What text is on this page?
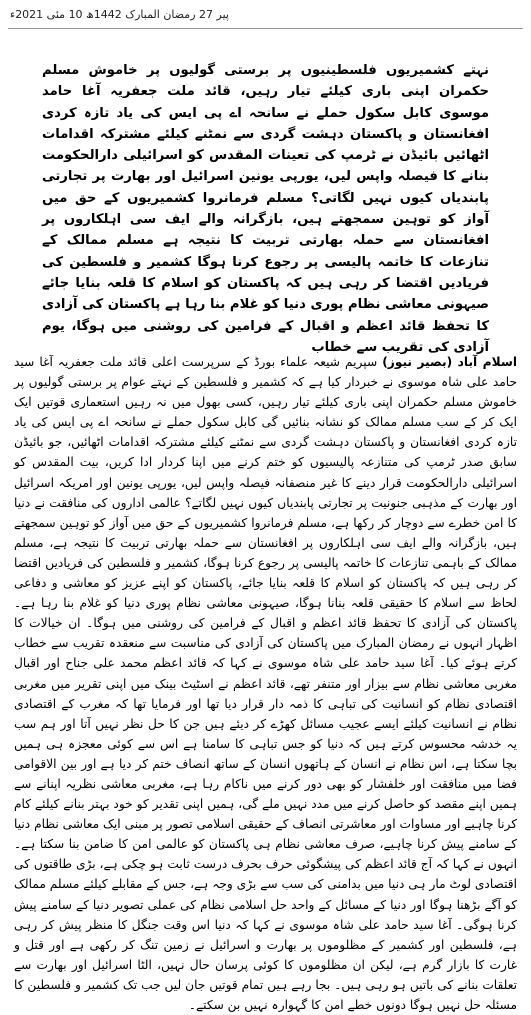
پیر 27 رمضان المبارک 1442ھ 10 مئی 2021ء

نہتے کشمیریوں فلسطینیوں پر برستی گولیوں پر خاموش مسلم حکمران اپنی باری کیلئے تیار رہیں، قائد ملت جعفریہ آغا حامد موسوی کابل سکول حملے نے سانحہ اے پی ایس کی یاد تازہ کردی افغانستان و پاکستان دہشت گردی سے نمٹنے کیلئے مشترکہ اقدامات اٹھائیں بائیڈن نے ٹرمپ کی تعینات المقدس کو اسرائیلی دارالحکومت بنانے کا فیصلہ واپس لیں، یورپی یونین اسرائیل اور بھارت پر تجارتی پابندیاں کیوں نہیں لگاتی؟ مسلم فرمانروا کشمیریوں کے حق میں آواز کو توہین سمجھتے ہیں، بازگرانہ والے ایف سی اہلکاروں پر افغانستان سے حملہ بھارتی تربیت کا نتیجہ ہے مسلم ممالک کے تنازعات کا خاتمہ پالیسی پر رجوع کرنا ہوگا کشمیر و فلسطین کی فریادیں اقتضا کر رہی ہیں کہ پاکستان کو اسلام کا قلعہ بنایا جائے صیہونی معاشی نظام پوری دنیا کو غلام بنا رہا ہے پاکستان کی آزادی کا تحفظ قائد اعظم و اقبال کے فرامین کی روشنی میں ہوگا، یوم آزادی کی تقریب سے خطاب

اسلام آباد (بصیر نیوز) سپریم شیعہ علماء بورڈ کے سرپرست اعلی قائد ملت جعفریہ آغا سید حامد علی شاہ موسوی نے خبردار کیا ہے کہ کشمیر و فلسطین کے نہتے عوام پر برستی گولیوں پر خاموش مسلم حکمران اپنی باری کیلئے تیار رہیں، کسی بھول میں نہ رہیں استعماری قوتیں ایک ایک کر کے سب مسلم ممالک کو نشانہ بنائیں گی کابل سکول حملے نے سانحہ اے پی ایس کی یاد تازہ کردی افغانستان و پاکستان دہشت گردی سے نمٹنے کیلئے مشترکہ اقدامات اٹھائیں، جو بائیڈن سابق صدر ٹرمپ کی متنازعہ پالیسیوں کو ختم کرنے میں اپنا کردار ادا کریں، بیت المقدس کو اسرائیلی دارالحکومت قرار دینے کا غیر منصفانہ فیصلہ واپس لیں، یورپی یونین اور امریکہ اسرائیل اور بھارت کے مذہبی جنونیت پر تجارتی پابندیاں کیوں نہیں لگاتے؟ عالمی اداروں کی منافقت نے دنیا کا امن خطرے سے دوچار کر رکھا ہے، مسلم فرمانروا کشمیریوں کے حق میں آواز کو توہین سمجھتے ہیں، بازگرانہ والے ایف سی اہلکاروں پر افغانستان سے حملہ بھارتی تربیت کا نتیجہ ہے، مسلم ممالک کے باہمی تنازعات کا خاتمہ پالیسی پر رجوع کرنا ہوگا، کشمیر و فلسطین کی فریادیں اقتضا کر رہی ہیں کہ پاکستان کو اسلام کا قلعہ بنایا جائے، پاکستان کو اپنے عزیز کو معاشی و دفاعی لحاظ سے اسلام کا حقیقی قلعہ بنانا ہوگا، صیہونی معاشی نظام پوری دنیا کو غلام بنا رہا ہے۔ پاکستان کی آزادی کا تحفظ قائد اعظم و اقبال کے فرامین کی روشنی میں ہوگا۔ ان خیالات کا اظہار انہوں نے رمضان المبارک میں پاکستان کی آزادی کی مناسبت سے منعقدہ تقریب سے خطاب کرتے ہوئے کیا۔ آغا سید حامد علی شاہ موسوی نے کہا کہ قائد اعظم محمد علی جناح اور اقبال مغربی معاشی نظام سے بیزار اور متنفر تھے، قائد اعظم نے اسٹیٹ بینک میں اپنی تقریر میں مغربی اقتصادی نظام کو انسانیت کی تباہی کا ذمہ دار قرار دیا تھا اور فرمایا تھا کہ مغرب کے اقتصادی نظام نے انسانیت کیلئے ایسے عجیب مسائل کھڑے کر دیئے ہیں جن کا حل نظر نہیں آتا اور ہم سب یہ خدشہ محسوس کرتے ہیں کہ دنیا کو جس تباہی کا سامنا ہے اس سے کوئی معجزہ ہی ہمیں بچا سکتا ہے، اس نظام نے انسان کے ہاتھوں انسان کے ساتھ انصاف ختم کر دیا ہے اور بین الاقوامی فضا میں منافقت اور خلفشار کو بھی دور کرنے میں ناکام رہا ہے، مغربی معاشی نظریہ اپنانے سے ہمیں اپنے مقصد کو حاصل کرنے میں مدد نہیں ملے گی، ہمیں اپنی تقدیر کو خود بہتر بنانے کیلئے کام کرنا چاہیے اور مساوات اور معاشرتی انصاف کے حقیقی اسلامی تصور پر مبنی ایک معاشی نظام دنیا کے سامنے پیش کرنا چاہیے، صرف معاشی نظام ہی پاکستان کو عالمی امن کا ضامن بنا سکتا ہے۔ انہوں نے کہا کہ آج قائد اعظم کی پیشگوئی حرف بحرف درست ثابت ہو چکی ہے، بڑی طاقتوں کی اقتصادی لوٹ مار ہی دنیا میں بدامنی کی سب سے بڑی وجہ ہے، جس کے مقابلے کیلئے مسلم ممالک کو آگے بڑھنا ہوگا اور دنیا کے مسائل کے واحد حل اسلامی نظام کی عملی تصویر دنیا کے سامنے پیش کرنا ہوگی۔ آغا سید حامد علی شاہ موسوی نے کہا کہ دنیا اس وقت جنگل کا منظر پیش کر رہی ہے، فلسطین اور کشمیر کے مظلوموں پر بھارت و اسرائیل نے زمین تنگ کر رکھی ہے اور قتل و غارت کا بازار گرم ہے، لیکن ان مظلوموں کا کوئی پرسان حال نہیں، الٹا اسرائیل اور بھارت سے تعلقات بنانے کی باتیں ہو رہی ہیں۔ بجا رہے ہیں تمام قوتیں جان لیں جب تک کشمیر و فلسطین کا مسئلہ حل نہیں ہوگا دونوں خطے امن کا گہوارہ نہیں بن سکتے۔
